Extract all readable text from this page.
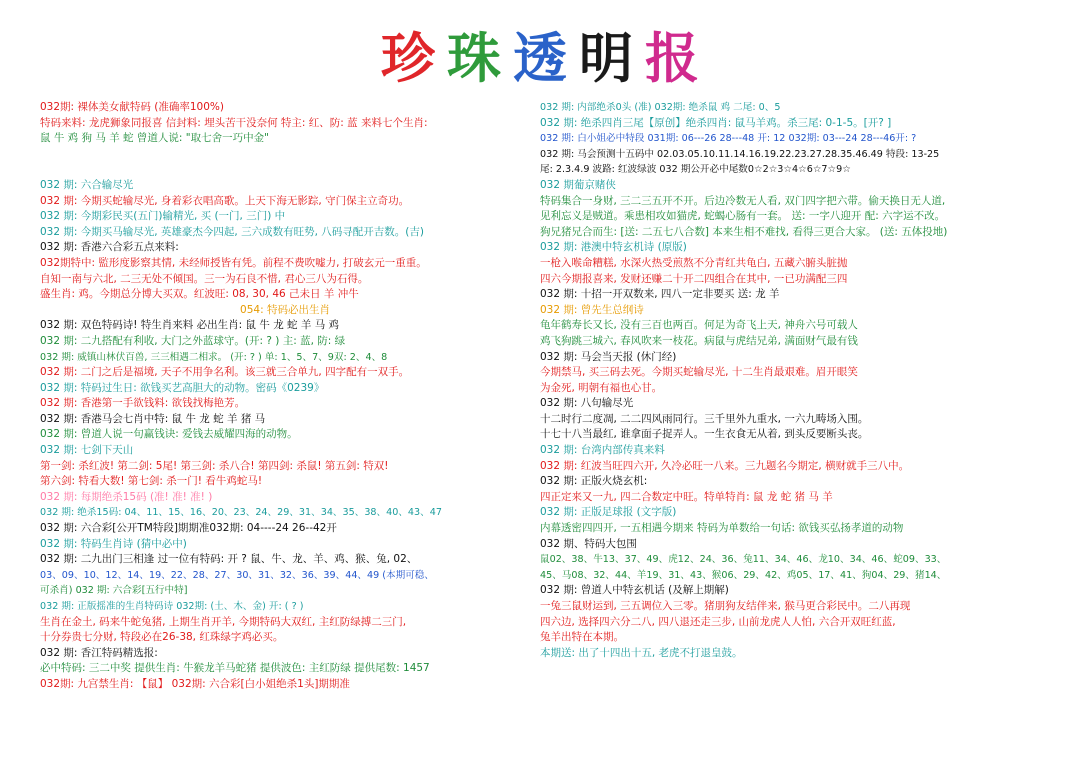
珍 珠 透 明 报
032期: 裸体美女献特码 (准确率100%)
特码来料: 龙虎狮象同报喜 信封料: 埋头苦干没奈何 特主: 红、防: 蓝 来料七个生肖:
鼠 牛 鸡 狗 马 羊 蛇 曾道人说: "取七舍一巧中金"
032 期: 六合输尽光
032 期: 今期买蛇输尽光, 身着彩衣唱高歌。上天下海无影踪, 守门保主立奇功。
032 期: 今期彩民买(五门)输精光, 买 (一门, 三门) 中
032 期: 今期买马输尽光, 英雄豪杰今四起, 三六成数有旺势, 八码寻配开吉数。(吉)
032 期: 香港六合彩五点来料:
032期特中: 監形度影察其情, 未经师授皆有凭。前程不费吹嘘力, 打破玄元一重重。
自知一南与六北, 二三无处不倾国。三一为石良不惜, 君心三八为石得。
盛生肖: 鸡。今期总分博大买双。红波旺: 08, 30, 46 己未日 羊 冲牛
054: 特码必出生肖
032 期: 双色特码诗! 特生肖来料 必出生肖: 鼠 牛 龙 蛇 羊 马 鸡
032 期: 二九搭配有利收, 大门之外蓝球守。(开: ? ) 主: 蓝, 防: 绿
032 期: 威镇山林伏百兽, 三三相遇二相求。 (开: ? ) 单: 1、5、7、9双: 2、4、8
032 期: 二门之后是福境, 天子不用争名利。该三就三合单九, 四字配有一双手。
032 期: 特码过生日: 欲钱买艺高胆大的动物。密码《0239》
032 期: 香港第一手欲钱料: 欲钱找梅艳芳。
032 期: 香港马会七肖中特: 鼠 牛 龙 蛇 羊 猪 马
032 期: 曾道人说一句赢钱诀: 爱钱去威耀四海的动物。
032 期: 七剑下天山
第一剑: 杀红波! 第二剑: 5尾! 第三剑: 杀八合! 第四剑: 杀鼠! 第五剑: 特双!
第六剑: 特看大数! 第七剑: 杀一门! 看牛鸡蛇马!
032 期: 每期绝杀15码 (准! 准! 准! )
032 期: 绝杀15码: 04、11、15、16、20、23、24、29、31、34、35、38、40、43、47
032 期: 六合彩[公开TM特段]期期准032期: 04----24 26--42开
032 期: 特码生肖诗 (猜中必中)
032 期: 二九出门三相逢 过一位有特码: 开 ? 鼠、牛、龙、羊、鸡、猴、兔, 02、
03、09、10、12、14、19、22、28、27、30、31、32、36、39、44、49 (本期可稳、
可杀肖) 032 期: 六合彩[五行中特]
032 期: 正版摇准的生肖特码诗 032期: (土、木、金) 开: ( ? )
生肖在金土, 码来牛蛇兔猪, 上期生肖开羊, 今期特码大双红, 主红防绿搏二三门,
十分券贵七分财, 特段必在26-38, 红珠绿字鸡必买。
032 期: 香江特码精选报:
必中特码: 三二中奖 提供生肖: 牛猴龙羊马蛇猪 提供波色: 主红防绿 提供尾数: 1457
032期: 九宫禁生肖: 【鼠】 032期: 六合彩[白小姐绝杀1头]期期准
032 期: 内部绝杀0头 (准) 032期: 绝杀鼠 鸡 二尾: 0、5
032 期: 绝杀四肖三尾【原创】绝杀四肖: 鼠马羊鸡。杀三尾: 0-1-5。[开? ]
032 期: 白小姐必中特段 031期: 06---26 28---48 开: 12 032期: 03---24 28---46开: ?
032 期: 马会预测十五码中 02.03.05.10.11.14.16.19.22.23.27.28.35.46.49 特段: 13-25
尾: 2.3.4.9 波路: 红波绿波 032 期公开必中尾数0☆2☆3☆4☆6☆7☆9☆
032 期葡京赌侠
特码集合一身财, 三二三五开不开。后边冷数无人看, 双门四字把六带。偷天换日无人道,
见利忘义是贼道。乘患相攻如猫虎, 蛇蝎心肠有一套。 送: 一字八迎开 配: 六字运不改。
狗兄猪兄合而生: [送: 二五七八合数] 本来生相不难找, 看得三更合大家。 (送: 五体投地)
032 期: 港澳中特玄机诗 (原版)
一枪入喉命糟糕, 水深火热受煎熬不分青红共龟白, 五藏六腑头脏抛
四六今期报喜来, 发财还赚二十开二四组合在其中, 一已功满配三四
032 期: 十招一开双数来, 四八一定非要买 送: 龙 羊
032 期: 曾先生总纲诗
龟年鹤寿长又长, 没有三百也两百。何足为奇飞上天, 神舟六号可载人
鸡飞狗跳三城六, 春风吹来一枝花。病鼠与虎结兄弟, 满面财气最有钱
032 期: 马会当天报 (休门经)
今期禁马, 买三码去死。今期买蛇输尽光, 十二生肖最艰难。眉开眼笑
为金死, 明朝有福也心甘。
032 期: 八句输尽光
十二时行二度凋, 二二四风雨同行。三千里外九重水, 一六九畴场入围。
十七十八当最红, 谁拿面子捉弄人。一生衣食无从着, 到头反要断头丧。
032 期: 台湾内部传真来料
032 期: 红波当旺四六开, 久冷必旺一八来。三九题名今期定, 横财就手三八中。
032 期: 正版火烧玄机:
四正定来又一九, 四二合数定中旺。特单特肖: 鼠 龙 蛇 猪 马 羊
032 期: 正版足球报 (文字版)
内幕透密四四开, 一五相遇今期来 特码为单数给一句话: 欲钱买弘扬孝道的动物
032 期、特码大包围
鼠02、38、牛13、37、49、虎12、24、36、兔11、34、46、龙10、34、46、蛇09、33、
45、马08、32、44、羊19、31、43、猴06、29、42、鸡05、17、41、狗04、29、猪14、
032 期: 曾道人中特玄机话 (及解上期解)
一兔三鼠财运到, 三五调位入三零。猪朋狗友结伴来, 猴马更合彩民中。二八再现
四六边, 选择四六分二八, 四八退还走三步, 山前龙虎人人怕, 六合开双旺红蓝,
兔羊出特在本期。
本期送: 出了十四出十五, 老虎不打退皇鼓。
